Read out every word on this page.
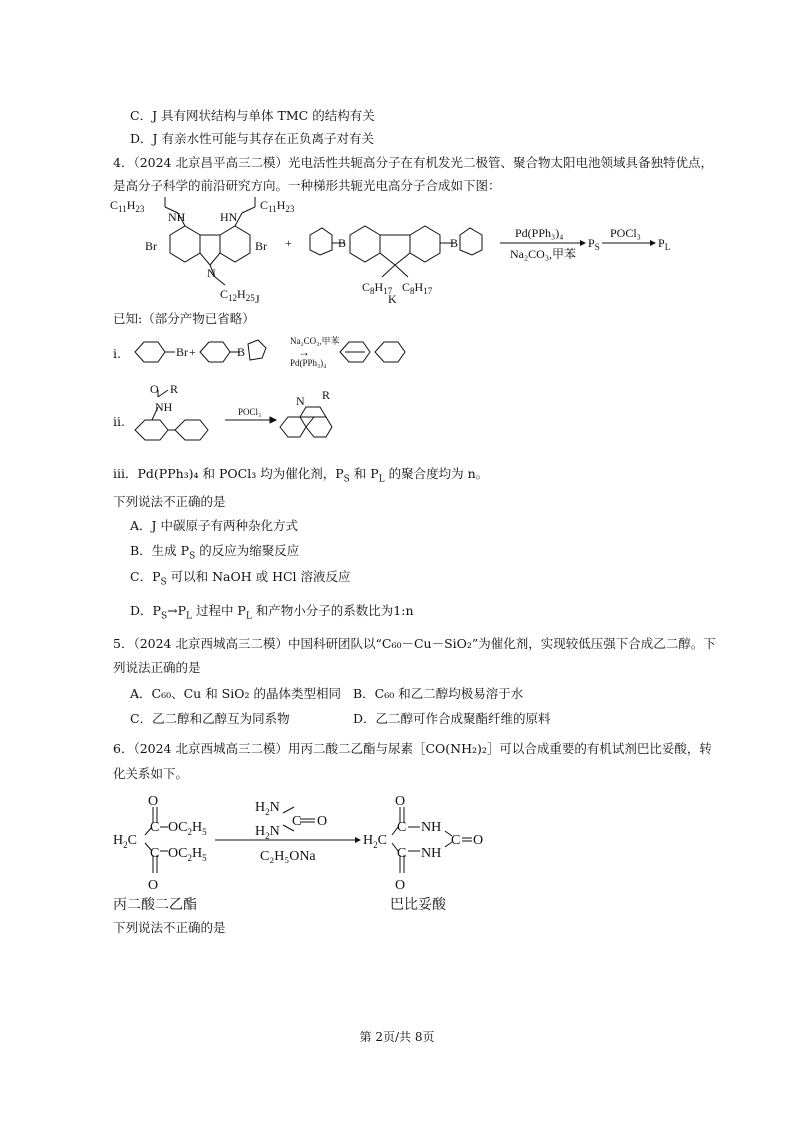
C．J 具有网状结构与单体 TMC 的结构有关
D．J 有亲水性可能与其存在正负离子对有关
4．（2024 北京昌平高三二模）光电活性共轭高分子在有机发光二极管、聚合物太阳电池领域具备独特优点，
是高分子科学的前沿研究方向。一种梯形共轭光电高分子合成如下图：
$C_{11}H_{23}$
NH
$C_{11}H_{23}$
HN
Br	Br
N
$C_{12}H_{25}$ J
+	B	B
$C_8H_{17}$ $C_8H_{17}$
K
Pd(PPh₃)₄
Na₂CO₃,甲苯
$P_S$
POCl₃
$P_L$
已知:（部分产物已省略）
i.	Br +	B
Na₂CO₃,甲苯
→
Pd(PPh₃)₄
ii.
O R
NH	POCl₃
N R
iii．Pd(PPh₃)₄ 和 POCl₃ 均为催化剂，$P_S$ 和 $P_L$ 的聚合度均为 n。
下列说法不正确的是
A．J 中碳原子有两种杂化方式
B．生成 $P_S$ 的反应为缩聚反应
C．$P_S$ 可以和 NaOH 或 HCl 溶液反应
D．$P_S\to P_L$ 过程中 $P_L$ 和产物小分子的系数比为1:n
5．（2024 北京西城高三二模）中国科研团队以“C₆₀－Cu－SiO₂”为催化剂，实现较低压强下合成乙二醇。下
列说法正确的是
A．C₆₀、Cu 和 SiO₂ 的晶体类型相同 B．C₆₀ 和乙二醇均极易溶于水
C．乙二醇和乙醇互为同系物	D．乙二醇可作合成聚酯纤维的原料
6．（2024 北京西城高三二模）用丙二酸二乙酯与尿素［CO(NH₂)₂］可以合成重要的有机试剂巴比妥酸，转
化关系如下。
O
C $OC_2H_5$
$H_2C$
C $OC_2H_5$
O
$H_2N$
C O
$H_2N$
C₂H₅ONa
O
C NH
$H_2C$	C O
C NH
O
丙二酸二乙酯	巴比妥酸
下列说法不正确的是
第 2页/共 8页
